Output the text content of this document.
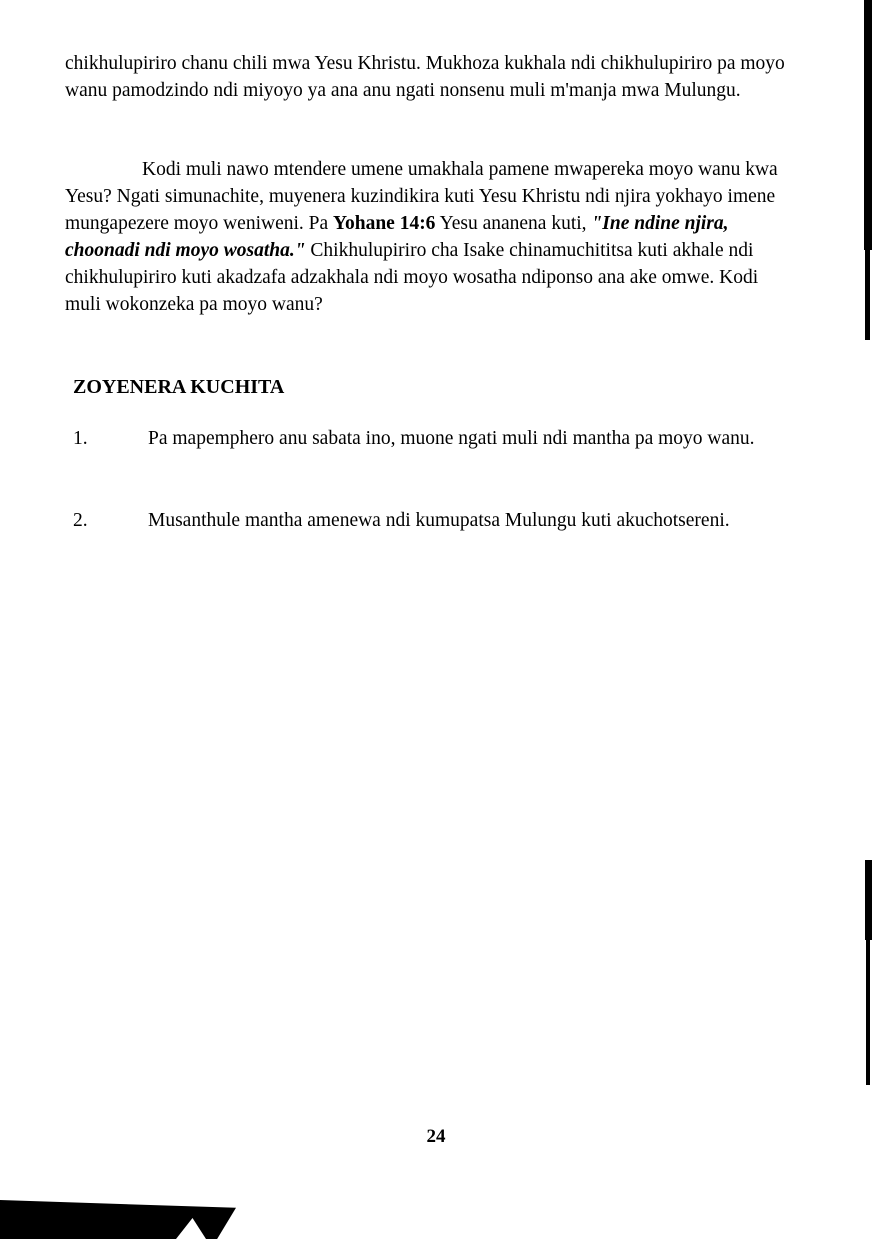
chikhulupiriro chanu chili mwa Yesu Khristu. Mukhoza kukhala ndi chikhulupiriro pa moyo wanu pamodzindo ndi miyoyo ya ana anu ngati nonsenu muli m'manja mwa Mulungu.
Kodi muli nawo mtendere umene umakhala pamene mwapereka moyo wanu kwa Yesu? Ngati simunachite, muyenera kuzindikira kuti Yesu Khristu ndi njira yokhayo imene mungapezere moyo weniweni. Pa Yohane 14:6 Yesu ananena kuti, "Ine ndine njira, choonadi ndi moyo wosatha." Chikhulupiriro cha Isake chinamuchititsa kuti akhale ndi chikhulupiriro kuti akadzafa adzakhala ndi moyo wosatha ndiponso ana ake omwe. Kodi muli wokonzeka pa moyo wanu?
ZOYENERA KUCHITA
1.	Pa mapemphero anu sabata ino, muone ngati muli ndi mantha pa moyo wanu.
2.	Musanthule mantha amenewa ndi kumupatsa Mulungu kuti akuchotsereni.
24
